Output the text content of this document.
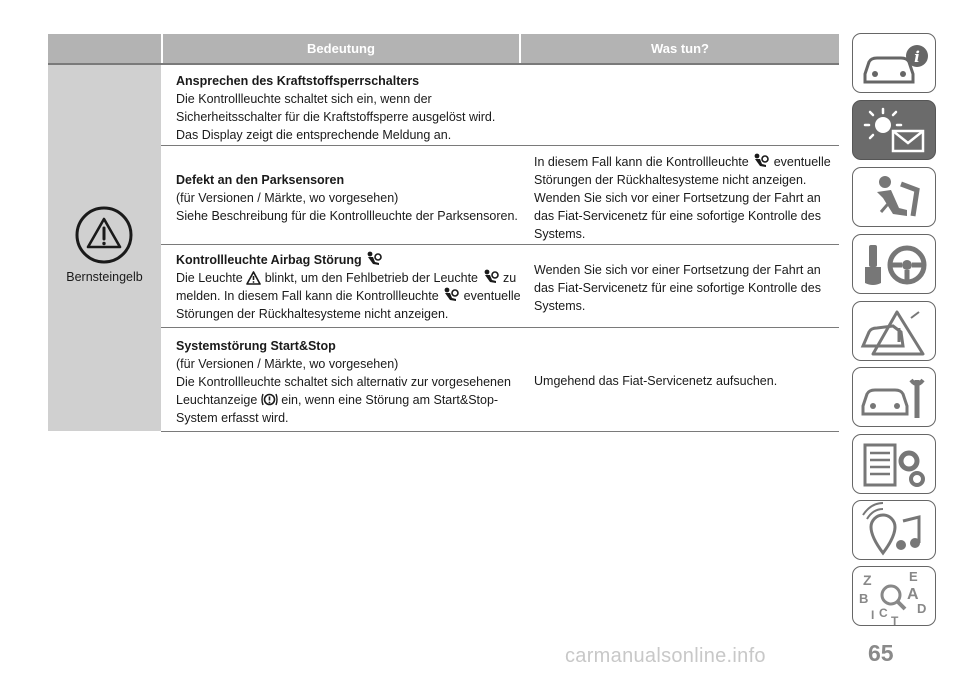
Bedeutung	Was tun?
Bernsteingelb
Ansprechen des Kraftstoffsperrschalters
Die Kontrollleuchte schaltet sich ein, wenn der
Sicherheitsschalter für die Kraftstoffsperre ausgelöst wird.
Das Display zeigt die entsprechende Meldung an.
Defekt an den Parksensoren
(für Versionen / Märkte, wo vorgesehen)
Siehe Beschreibung für die Kontrollleuchte der Parksensoren.
In diesem Fall kann die Kontrollleuchte eventuelle
Störungen der Rückhaltesysteme nicht anzeigen.
Wenden Sie sich vor einer Fortsetzung der Fahrt an
das Fiat-Servicenetz für eine sofortige Kontrolle des
Systems.
Kontrollleuchte Airbag Störung
Die Leuchte blinkt, um den Fehlbetrieb der Leuchte zu
melden. In diesem Fall kann die Kontrollleuchte eventuelle
Störungen der Rückhaltesysteme nicht anzeigen.
Wenden Sie sich vor einer Fortsetzung der Fahrt an
das Fiat-Servicenetz für eine sofortige Kontrolle des
Systems.
Systemstörung Start&Stop
(für Versionen / Märkte, wo vorgesehen)
Die Kontrollleuchte schaltet sich alternativ zur vorgesehenen
Leuchtanzeige ein, wenn eine Störung am Start&Stop-
System erfasst wird.
Umgehend das Fiat-Servicenetz aufsuchen.
i
Z	E
A
B
C D
T
I
65
carmanualsonline.info
